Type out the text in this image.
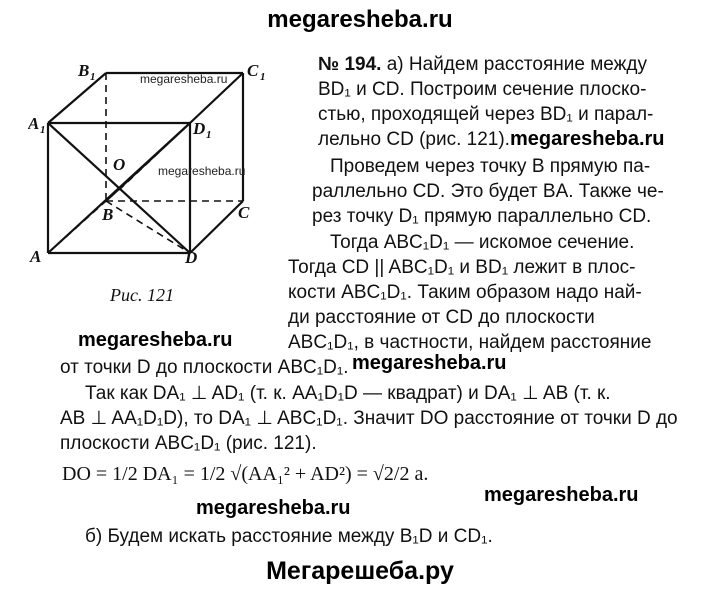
megaresheba.ru
B 1	C 1
A 1	D 1
O
B	C
A	D
megaresheba.ru
megaresheba.ru
Рис. 121
№ 194. а) Найдем расстояние между
BD₁ и CD. Построим сечение плоско-
стью, проходящей через BD₁ и парал-
лельно CD (рис. 121). megaresheba.ru
Проведем через точку B прямую па-
раллельно CD. Это будет BA. Также че-
рез точку D₁ прямую параллельно CD.
Тогда ABC₁D₁ — искомое сечение.
Тогда CD || ABC₁D₁ и BD₁ лежит в плос-
кости ABC₁D₁. Таким образом надо най-
ди расстояние от CD до плоскости
megaresheba.ru	ABC₁D₁, в частности, найдем расстояние
от точки D до плоскости ABC₁D₁. megaresheba.ru
Так как DA₁ ⊥ AD₁ (т. к. AA₁D₁D — квадрат) и DA₁ ⊥ AB (т. к.
AB ⊥ AA₁D₁D), то DA₁ ⊥ ABC₁D₁. Значит DO расстояние от точки D до
плоскости ABC₁D₁ (рис. 121).
DO = 1/2 DA₁ = 1/2 √(AA₁² + AD²) = √2/2 a.
megaresheba.ru
megaresheba.ru
б) Будем искать расстояние между B₁D и CD₁.
Мегарешеба.ру
